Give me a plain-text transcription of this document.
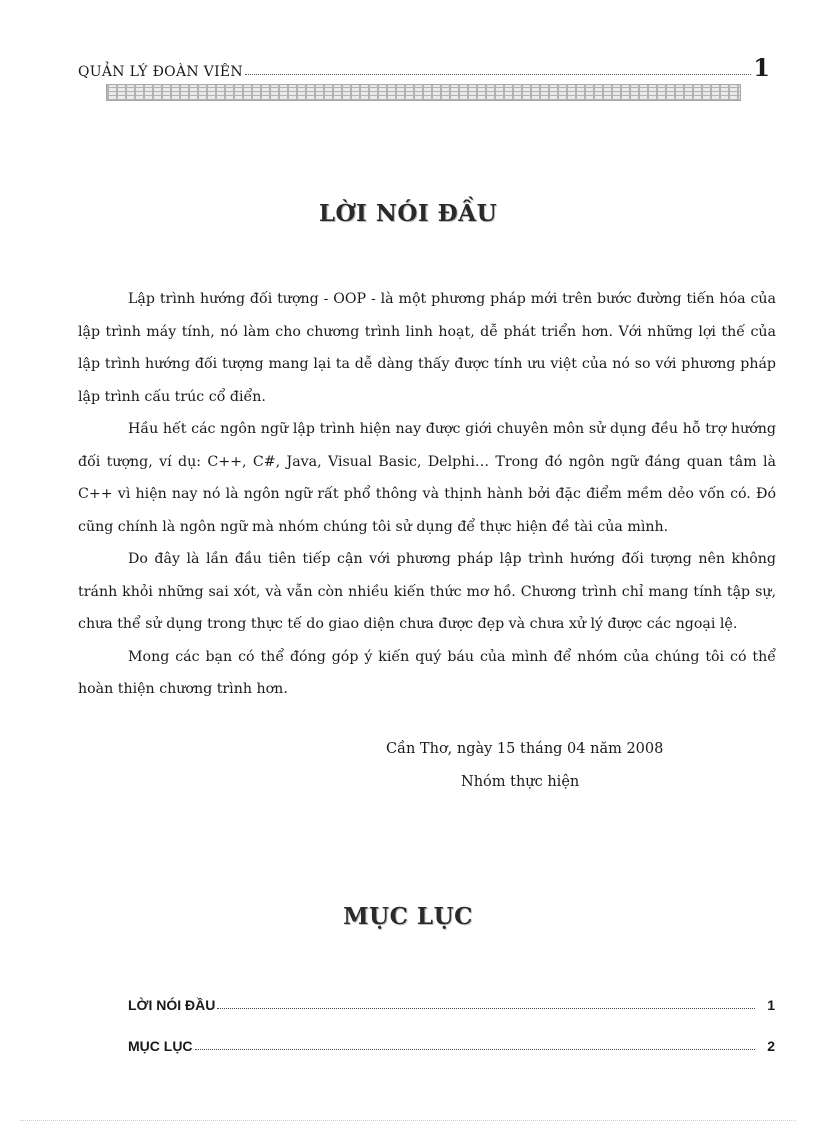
QUẢN LÝ ĐOÀN VIÊN	1
LỜI NÓI ĐẦU

Lập trình hướng đối tượng - OOP - là một phương pháp mới trên bước đường tiến hóa của lập trình máy tính, nó làm cho chương trình linh hoạt, dễ phát triển hơn. Với những lợi thế của lập trình hướng đối tượng mang lại ta dễ dàng thấy được tính ưu việt của nó so với phương pháp lập trình cấu trúc cổ điển.

Hầu hết các ngôn ngữ lập trình hiện nay được giới chuyên môn sử dụng đều hỗ trợ hướng đối tượng, ví dụ: C++, C#, Java, Visual Basic, Delphi… Trong đó ngôn ngữ đáng quan tâm là C++ vì hiện nay nó là ngôn ngữ rất phổ thông và thịnh hành bởi đặc điểm mềm dẻo vốn có. Đó cũng chính là ngôn ngữ mà nhóm chúng tôi sử dụng để thực hiện đề tài của mình.

Do đây là lần đầu tiên tiếp cận với phương pháp lập trình hướng đối tượng nên không tránh khỏi những sai xót, và vẫn còn nhiều kiến thức mơ hồ. Chương trình chỉ mang tính tập sự, chưa thể sử dụng trong thực tế do giao diện chưa được đẹp và chưa xử lý được các ngoại lệ.

Mong các bạn có thể đóng góp ý kiến quý báu của mình để nhóm của chúng tôi có thể hoàn thiện chương trình hơn.

Cần Thơ, ngày 15 tháng 04 năm 2008
Nhóm thực hiện
MỤC LỤC
LỜI NÓI ĐẦU	1
MỤC LỤC	2
